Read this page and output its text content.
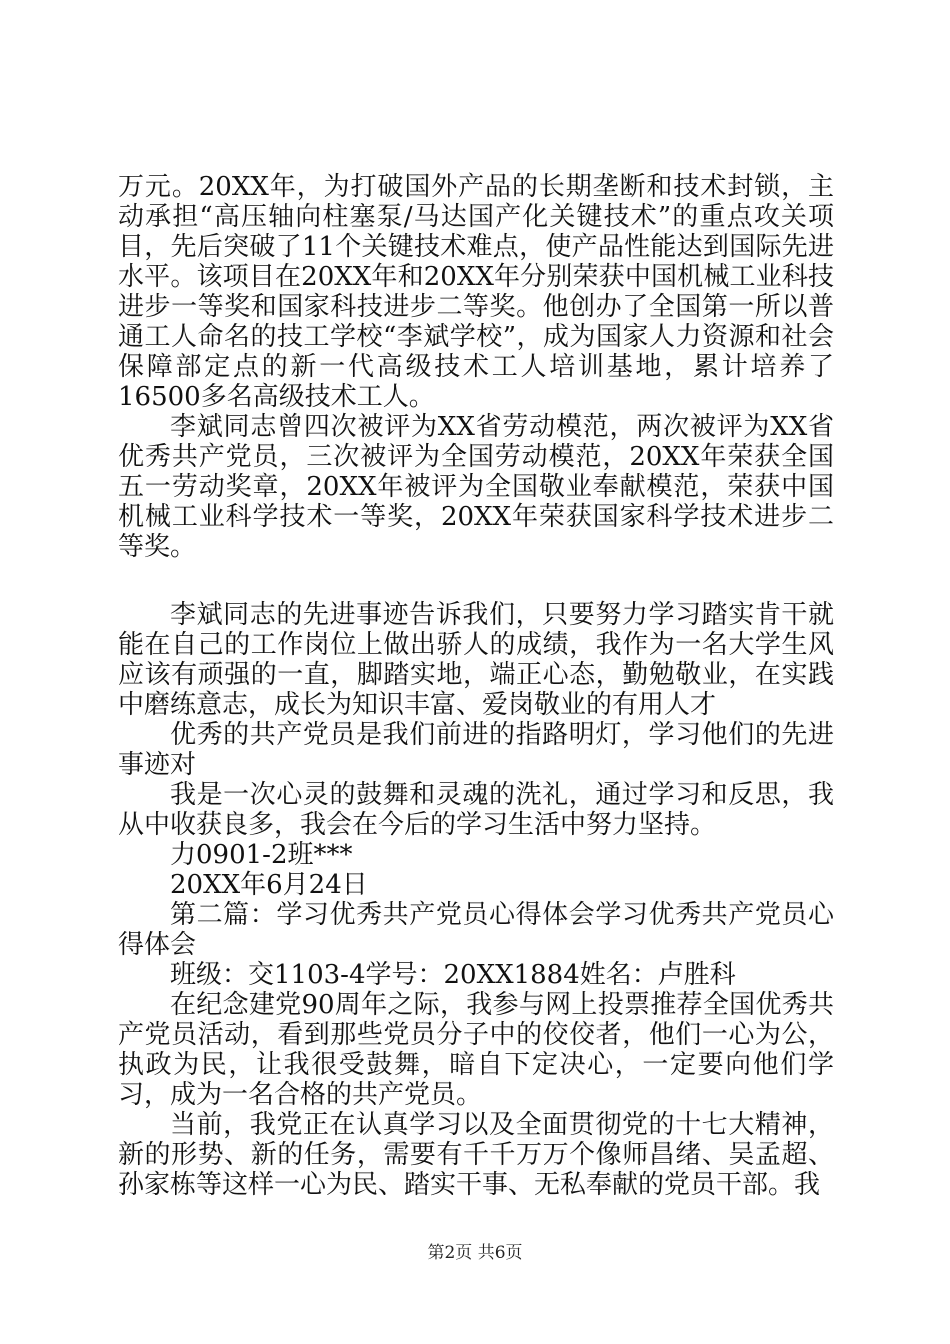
万元。20XX年，为打破国外产品的长期垄断和技术封锁，主动承担“高压轴向柱塞泵/马达国产化关键技术”的重点攻关项目，先后突破了11个关键技术难点，使产品性能达到国际先进水平。该项目在20XX年和20XX年分别荣获中国机械工业科技进步一等奖和国家科技进步二等奖。他创办了全国第一所以普通工人命名的技工学校“李斌学校”，成为国家人力资源和社会保障部定点的新一代高级技术工人培训基地，累计培养了16500多名高级技术工人。

李斌同志曾四次被评为XX省劳动模范，两次被评为XX省优秀共产党员，三次被评为全国劳动模范，20XX年荣获全国五一劳动奖章，20XX年被评为全国敬业奉献模范，荣获中国机械工业科学技术一等奖，20XX年荣获国家科学技术进步二等奖。

李斌同志的先进事迹告诉我们，只要努力学习踏实肯干就能在自己的工作岗位上做出骄人的成绩，我作为一名大学生风应该有顽强的一直，脚踏实地，端正心态，勤勉敬业，在实践中磨练意志，成长为知识丰富、爱岗敬业的有用人才

优秀的共产党员是我们前进的指路明灯，学习他们的先进事迹对

我是一次心灵的鼓舞和灵魂的洗礼，通过学习和反思，我从中收获良多，我会在今后的学习生活中努力坚持。

力0901-2班***

20XX年6月24日

第二篇：学习优秀共产党员心得体会学习优秀共产党员心得体会

班级：交1103-4学号：20XX1884姓名：卢胜科

在纪念建党90周年之际，我参与网上投票推荐全国优秀共产党员活动，看到那些党员分子中的佼佼者，他们一心为公，执政为民，让我很受鼓舞，暗自下定决心，一定要向他们学习，成为一名合格的共产党员。

当前，我党正在认真学习以及全面贯彻党的十七大精神，新的形势、新的任务，需要有千千万万个像师昌绪、吴孟超、孙家栋等这样一心为民、踏实干事、无私奉献的党员干部。我

第2页 共6页
